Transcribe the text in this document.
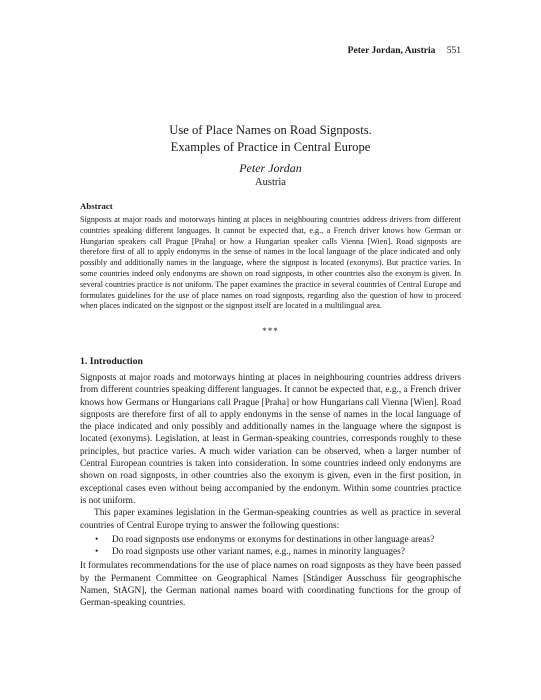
Peter Jordan, Austria 551
Use of Place Names on Road Signposts.
Examples of Practice in Central Europe
Peter Jordan
Austria
Abstract

Signposts at major roads and motorways hinting at places in neighbouring countries address drivers from different countries speaking different languages. It cannot be expected that, e.g., a French driver knows how German or Hungarian speakers call Prague [Praha] or how a Hungarian speaker calls Vienna [Wien]. Road signposts are therefore first of all to apply endonyms in the sense of names in the local language of the place indicated and only possibly and additionally names in the language, where the signpost is located (exonyms). But practice varies. In some countries indeed only endonyms are shown on road signposts, in other countries also the exonym is given. In several countries practice is not uniform. The paper examines the practice in several countries of Central Europe and formulates guidelines for the use of place names on road signposts, regarding also the question of how to proceed when places indicated on the signpost or the signpost itself are located in a multilingual area.

***
1. Introduction

Signposts at major roads and motorways hinting at places in neighbouring countries address drivers from different countries speaking different languages. It cannot be expected that, e.g., a French driver knows how Germans or Hungarians call Prague [Praha] or how Hungarians call Vienna [Wien]. Road signposts are therefore first of all to apply endonyms in the sense of names in the local language of the place indicated and only possibly and additionally names in the language where the signpost is located (exonyms). Legislation, at least in German-speaking countries, corresponds roughly to these principles, but practice varies. A much wider variation can be observed, when a larger number of Central European countries is taken into consideration. In some countries indeed only endonyms are shown on road signposts, in other countries also the exonym is given, even in the first position, in exceptional cases even without being accompanied by the endonym. Within some countries practice is not uniform.

This paper examines legislation in the German-speaking countries as well as practice in several countries of Central Europe trying to answer the following questions:

• Do road signposts use endonyms or exonyms for destinations in other language areas?
• Do road signposts use other variant names, e.g., names in minority languages?

It formulates recommendations for the use of place names on road signposts as they have been passed by the Permanent Committee on Geographical Names [Ständiger Ausschuss für geographische Namen, StAGN], the German national names board with coordinating functions for the group of German-speaking countries.
